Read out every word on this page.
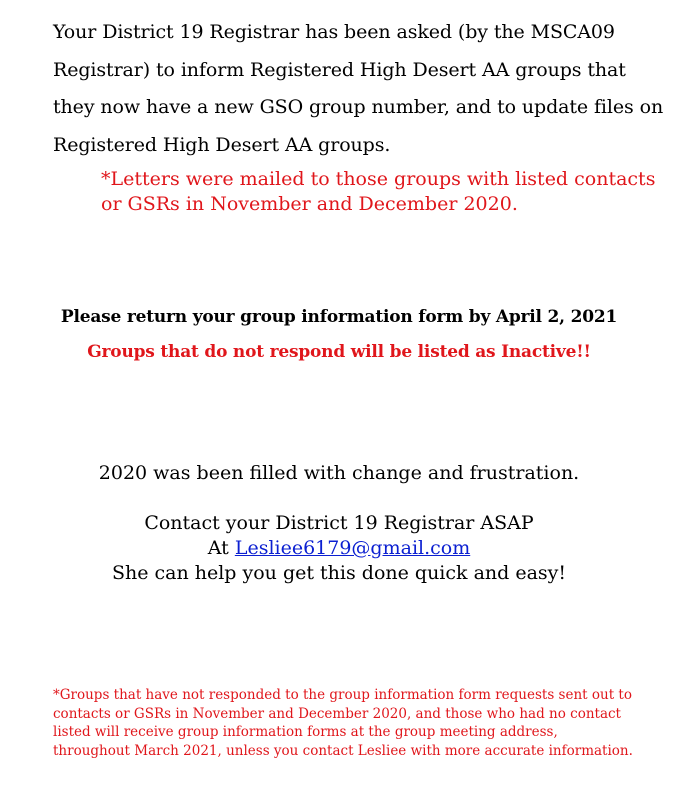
Your District 19 Registrar has been asked (by the MSCA09
Registrar) to inform Registered High Desert AA groups that
they now have a new GSO group number, and to update files on
Registered High Desert AA groups.

*Letters were mailed to those groups with listed contacts
or GSRs in November and December 2020.

Please return your group information form by April 2, 2021

Groups that do not respond will be listed as Inactive!!

2020 was been filled with change and frustration.

Contact your District 19 Registrar ASAP
At Lesliee6179@gmail.com
She can help you get this done quick and easy!

*Groups that have not responded to the group information form requests sent out to
contacts or GSRs in November and December 2020, and those who had no contact
listed will receive group information forms at the group meeting address,
throughout March 2021, unless you contact Lesliee with more accurate information.
